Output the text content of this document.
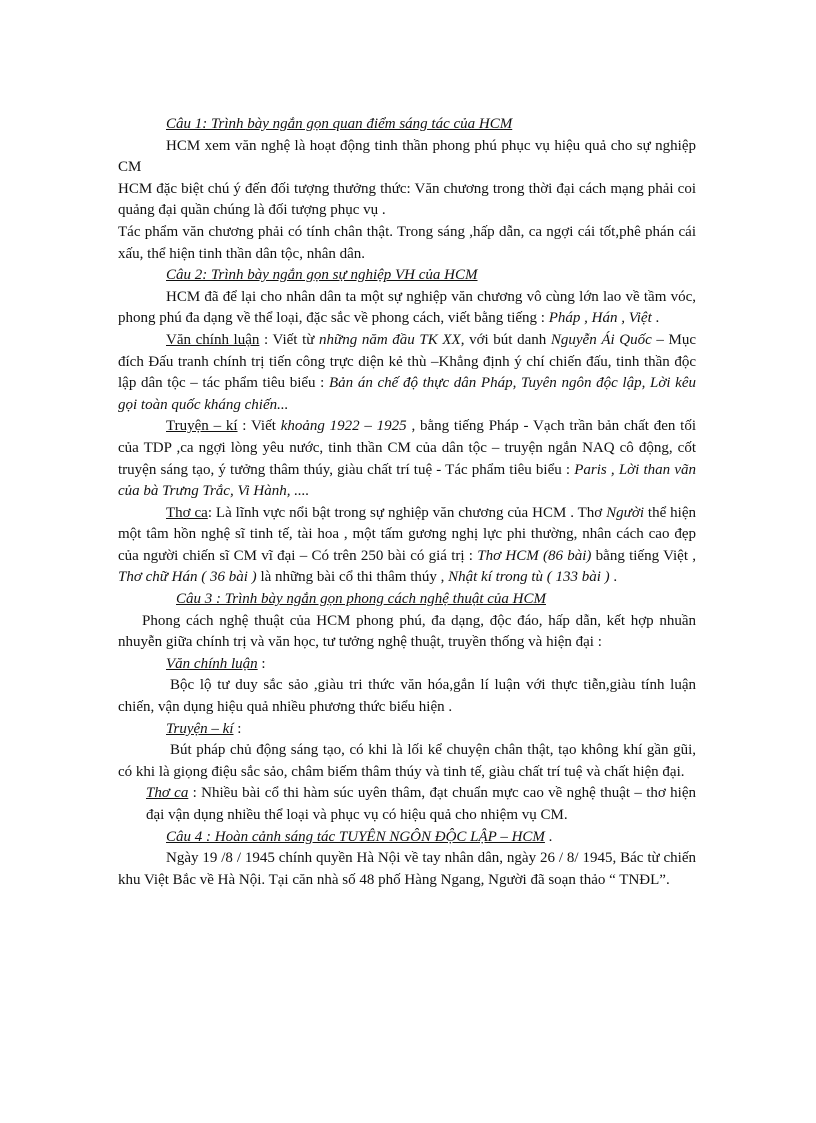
Câu 1: Trình bày ngắn gọn quan điểm sáng tác của HCM

HCM xem văn nghệ là hoạt động tinh thần phong phú phục vụ hiệu quả cho sự nghiệp CM

HCM đặc biệt chú ý đến đối tượng thưởng thức: Văn chương trong thời đại cách mạng phải coi quảng đại quần chúng là đối tượng phục vụ .

Tác phẩm văn chương phải có tính chân thật. Trong sáng ,hấp dẫn, ca ngợi cái tốt,phê phán cái xấu, thể hiện tinh thần dân tộc, nhân dân.

Câu 2: Trình bày ngắn gọn sự nghiệp VH của HCM

HCM đã để lại cho nhân dân ta một sự nghiệp văn chương vô cùng lớn lao về tầm vóc, phong phú đa dạng về thể loại, đặc sắc về phong cách, viết bằng tiếng : Pháp , Hán , Việt .

Văn chính luận : Viết từ những năm đầu TK XX, với bút danh Nguyễn Ái Quốc – Mục đích Đấu tranh chính trị tiến công trực diện kẻ thù –Khẳng định ý chí chiến đấu, tinh thần độc lập dân tộc – tác phẩm tiêu biểu : Bản án chế độ thực dân Pháp, Tuyên ngôn độc lập, Lời kêu gọi toàn quốc kháng chiến...

Truyện – kí : Viết khoảng 1922 – 1925 , bằng tiếng Pháp - Vạch trần bản chất đen tối của TDP ,ca ngợi lòng yêu nước, tinh thần CM của dân tộc – truyện ngắn NAQ cô động, cốt truyện sáng tạo, ý tưởng thâm thúy, giàu chất trí tuệ - Tác phẩm tiêu biểu : Paris , Lời than vãn của bà Trưng Trắc, Vi Hành, ....

Thơ ca: Là lĩnh vực nổi bật trong sự nghiệp văn chương của HCM . Thơ Người thể hiện một tâm hồn nghệ sĩ tinh tế, tài hoa , một tấm gương nghị lực phi thường, nhân cách cao đẹp của người chiến sĩ CM vĩ đại – Có trên 250 bài có giá trị : Thơ HCM (86 bài) bằng tiếng Việt , Thơ chữ Hán ( 36 bài ) là những bài cổ thi thâm thúy , Nhật kí trong tù ( 133 bài ) .

Câu 3 : Trình bày ngắn gọn phong cách nghệ thuật của HCM

Phong cách nghệ thuật của HCM phong phú, đa dạng, độc đáo, hấp dẫn, kết hợp nhuần nhuyễn giữa chính trị và văn học, tư tưởng nghệ thuật, truyền thống và hiện đại :

Văn chính luận :

Bộc lộ tư duy sắc sảo ,giàu tri thức văn hóa,gắn lí luận với thực tiễn,giàu tính luận chiến, vận dụng hiệu quả nhiều phương thức biểu hiện .

Truyện – kí :

Bút pháp chủ động sáng tạo, có khi là lối kể chuyện chân thật, tạo không khí gần gũi, có khi là giọng điệu sắc sảo, châm biếm thâm thúy và tinh tế, giàu chất trí tuệ và chất hiện đại.

Thơ ca : Nhiều bài cổ thi hàm súc uyên thâm, đạt chuẩn mực cao về nghệ thuật – thơ hiện đại vận dụng nhiều thể loại và phục vụ có hiệu quả cho nhiệm vụ CM.

Câu 4 : Hoàn cảnh sáng tác TUYÊN NGÔN ĐỘC LẬP – HCM .

Ngày 19 /8 / 1945 chính quyền Hà Nội về tay nhân dân, ngày 26 / 8/ 1945, Bác từ chiến khu Việt Bắc về Hà Nội. Tại căn nhà số 48 phố Hàng Ngang, Người đã soạn thảo “ TNĐL”.
